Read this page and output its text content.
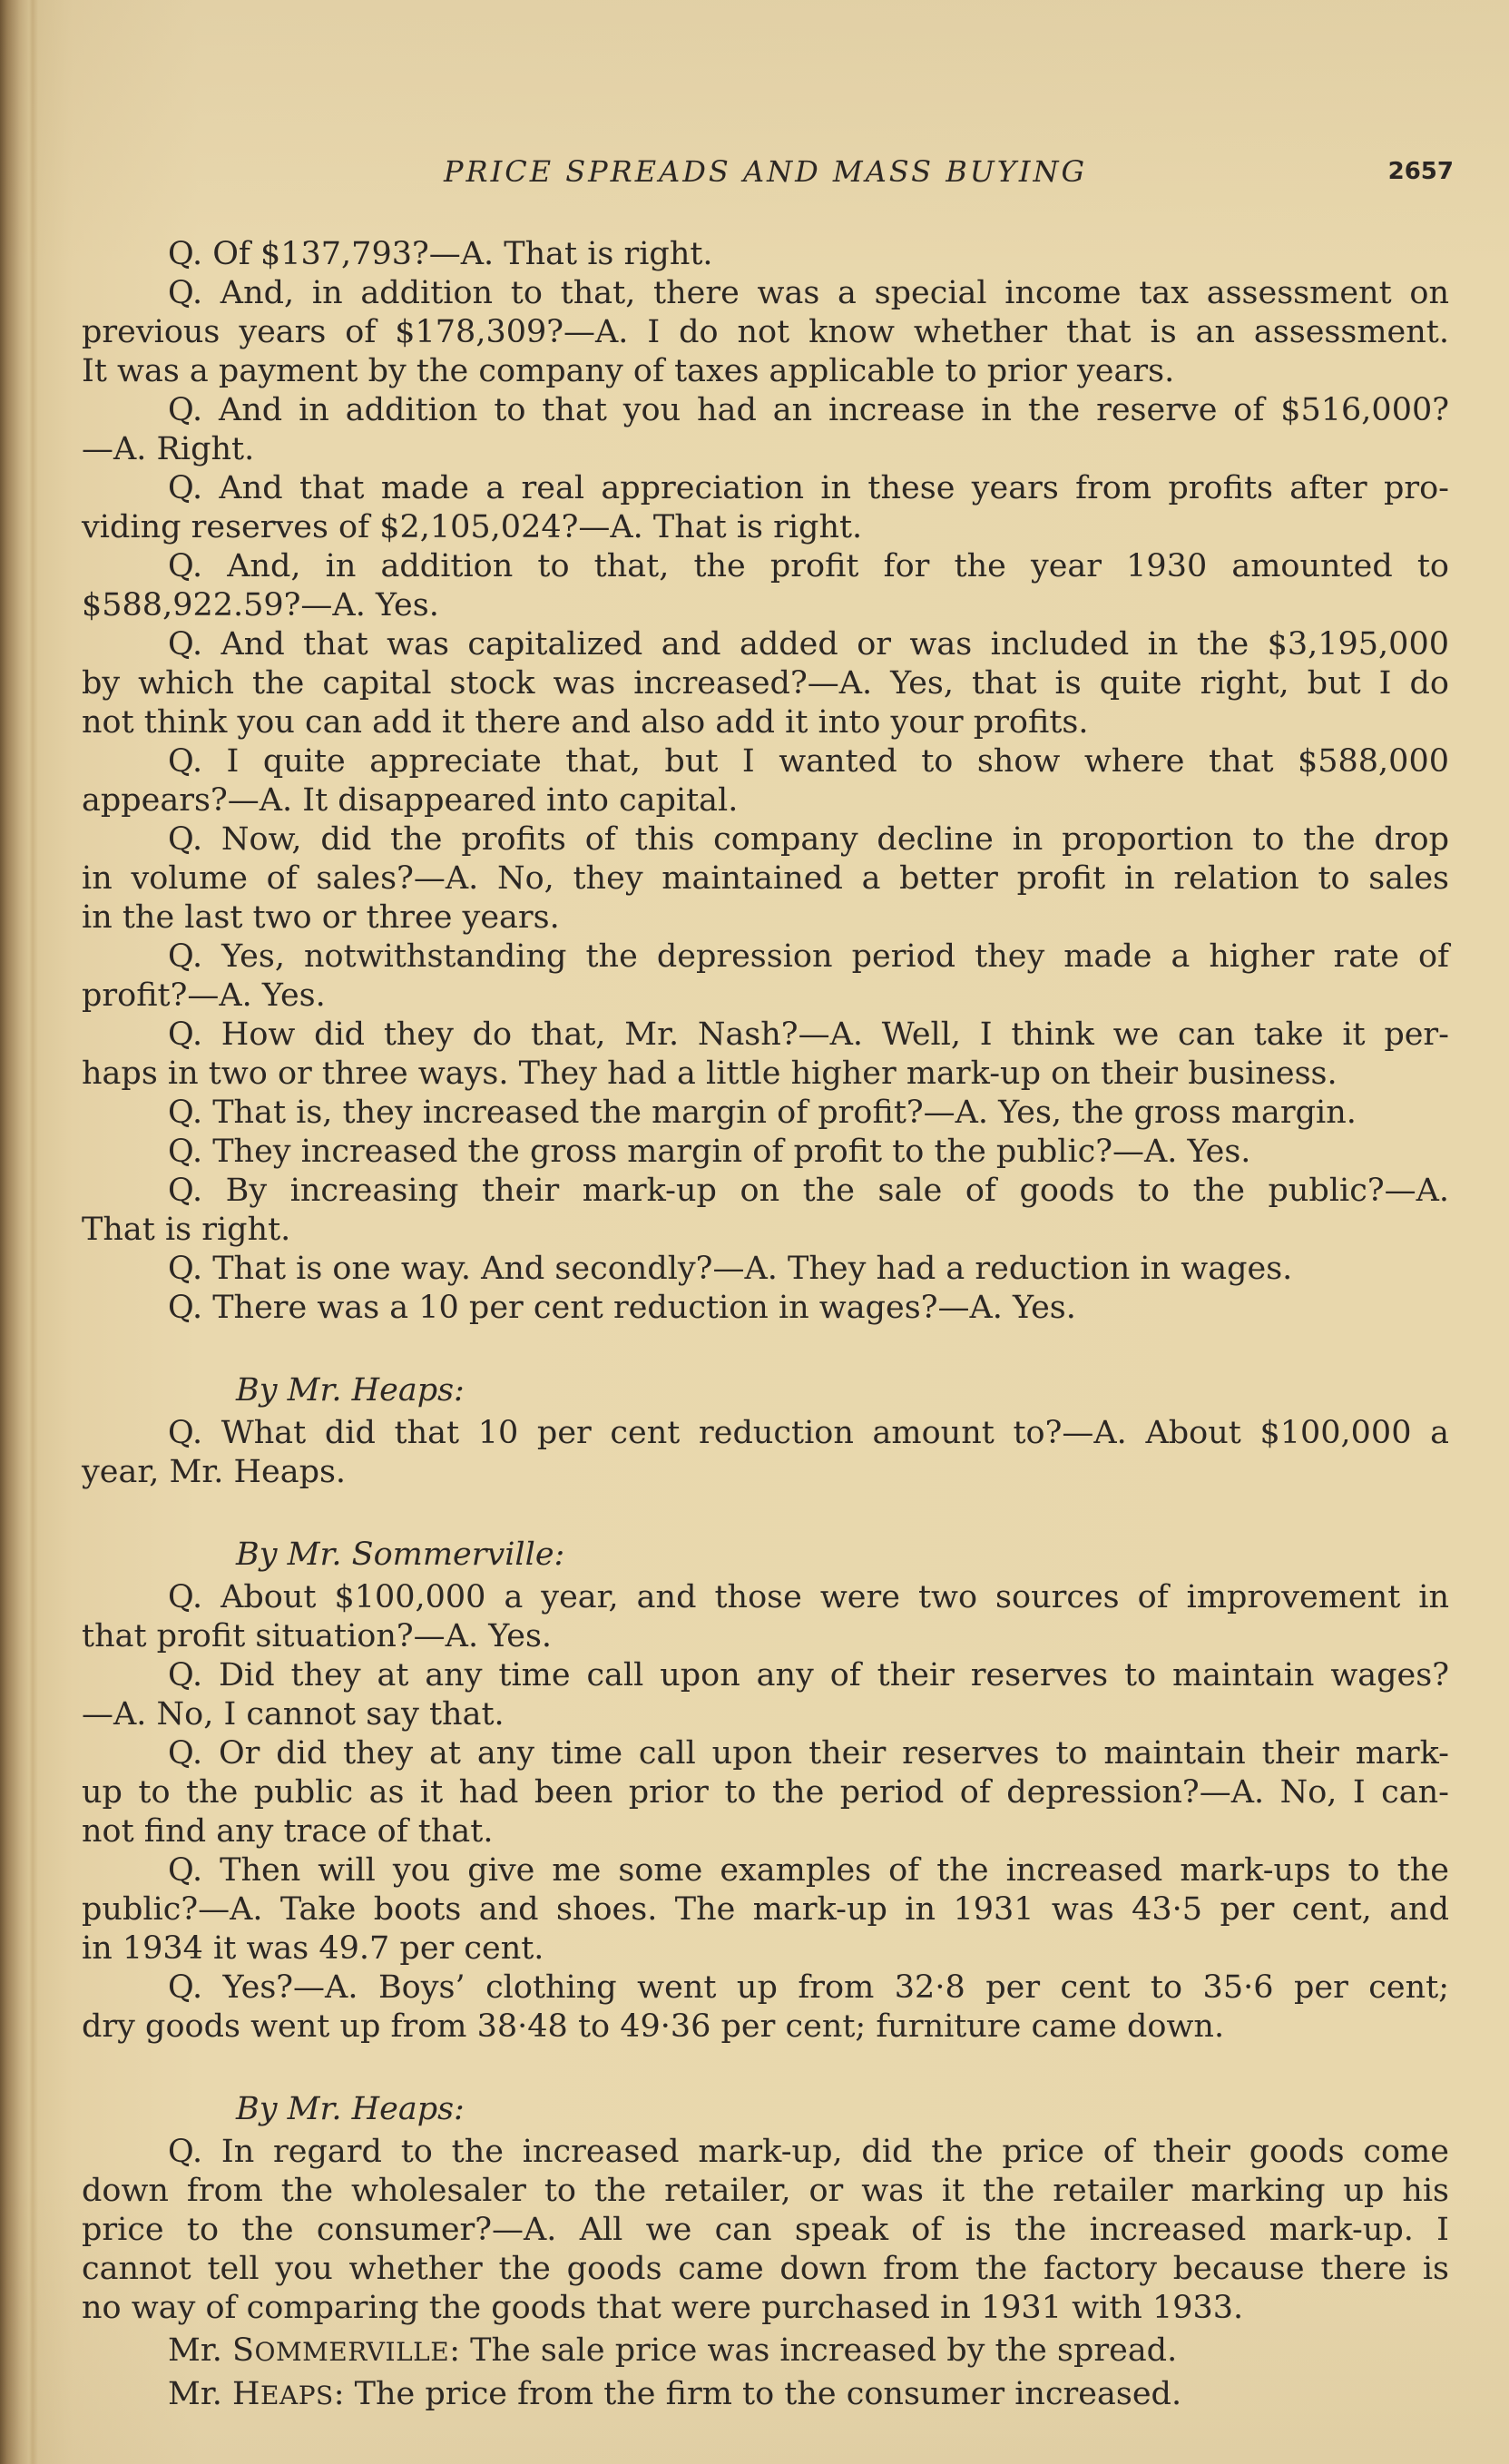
PRICE SPREADS AND MASS BUYING	2657
Q. Of $137,793?—A. That is right.
Q. And, in addition to that, there was a special income tax assessment on
previous years of $178,309?—A. I do not know whether that is an assessment.
It was a payment by the company of taxes applicable to prior years.
Q. And in addition to that you had an increase in the reserve of $516,000?
—A. Right.
Q. And that made a real appreciation in these years from profits after pro-
viding reserves of $2,105,024?—A. That is right.
Q. And, in addition to that, the profit for the year 1930 amounted to
$588,922.59?—A. Yes.
Q. And that was capitalized and added or was included in the $3,195,000
by which the capital stock was increased?—A. Yes, that is quite right, but I do
not think you can add it there and also add it into your profits.
Q. I quite appreciate that, but I wanted to show where that $588,000
appears?—A. It disappeared into capital.
Q. Now, did the profits of this company decline in proportion to the drop
in volume of sales?—A. No, they maintained a better profit in relation to sales
in the last two or three years.
Q. Yes, notwithstanding the depression period they made a higher rate of
profit?—A. Yes.
Q. How did they do that, Mr. Nash?—A. Well, I think we can take it per-
haps in two or three ways. They had a little higher mark-up on their business.
Q. That is, they increased the margin of profit?—A. Yes, the gross margin.
Q. They increased the gross margin of profit to the public?—A. Yes.
Q. By increasing their mark-up on the sale of goods to the public?—A.
That is right.
Q. That is one way. And secondly?—A. They had a reduction in wages.
Q. There was a 10 per cent reduction in wages?—A. Yes.
By Mr. Heaps:
Q. What did that 10 per cent reduction amount to?—A. About $100,000 a
year, Mr. Heaps.
By Mr. Sommerville:
Q. About $100,000 a year, and those were two sources of improvement in
that profit situation?—A. Yes.
Q. Did they at any time call upon any of their reserves to maintain wages?
—A. No, I cannot say that.
Q. Or did they at any time call upon their reserves to maintain their mark-
up to the public as it had been prior to the period of depression?—A. No, I can-
not find any trace of that.
Q. Then will you give me some examples of the increased mark-ups to the
public?—A. Take boots and shoes. The mark-up in 1931 was 43·5 per cent, and
in 1934 it was 49.7 per cent.
Q. Yes?—A. Boys’ clothing went up from 32·8 per cent to 35·6 per cent;
dry goods went up from 38·48 to 49·36 per cent; furniture came down.
By Mr. Heaps:
Q. In regard to the increased mark-up, did the price of their goods come
down from the wholesaler to the retailer, or was it the retailer marking up his
price to the consumer?—A. All we can speak of is the increased mark-up. I
cannot tell you whether the goods came down from the factory because there is
no way of comparing the goods that were purchased in 1931 with 1933.
Mr. SOMMERVILLE: The sale price was increased by the spread.
Mr. HEAPS: The price from the firm to the consumer increased.
